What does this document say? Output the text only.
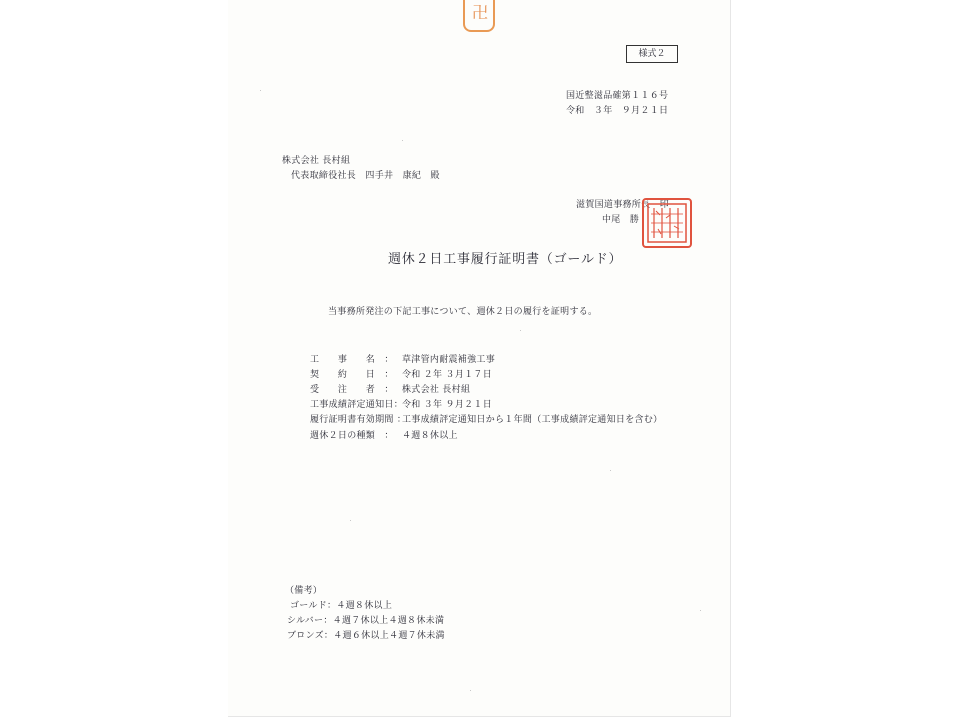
卍
様式２
国近整滋品確第１１６号
令和　３年　９月２１日
株式会社 長村組
代表取締役社長　四手井　康紀　殿
滋賀国道事務所長　印
中尾　勝
週休２日工事履行証明書（ゴールド）
当事務所発注の下記工事について、週休２日の履行を証明する。
工　　事　　名　： 草津管内耐震補強工事
契　　約　　日　： 令和 ２年 ３月１７日
受　　注　　者　： 株式会社 長村組
工事成績評定通知日：令和 ３年 ９月２１日
履行証明書有効期間 ：工事成績評定通知日から１年間（工事成績評定通知日を含む）
週休２日の種類　： ４週８休以上
（備考）
ゴールド：４週８休以上
シルバー：４週７休以上４週８休未満
ブロンズ：４週６休以上４週７休未満
